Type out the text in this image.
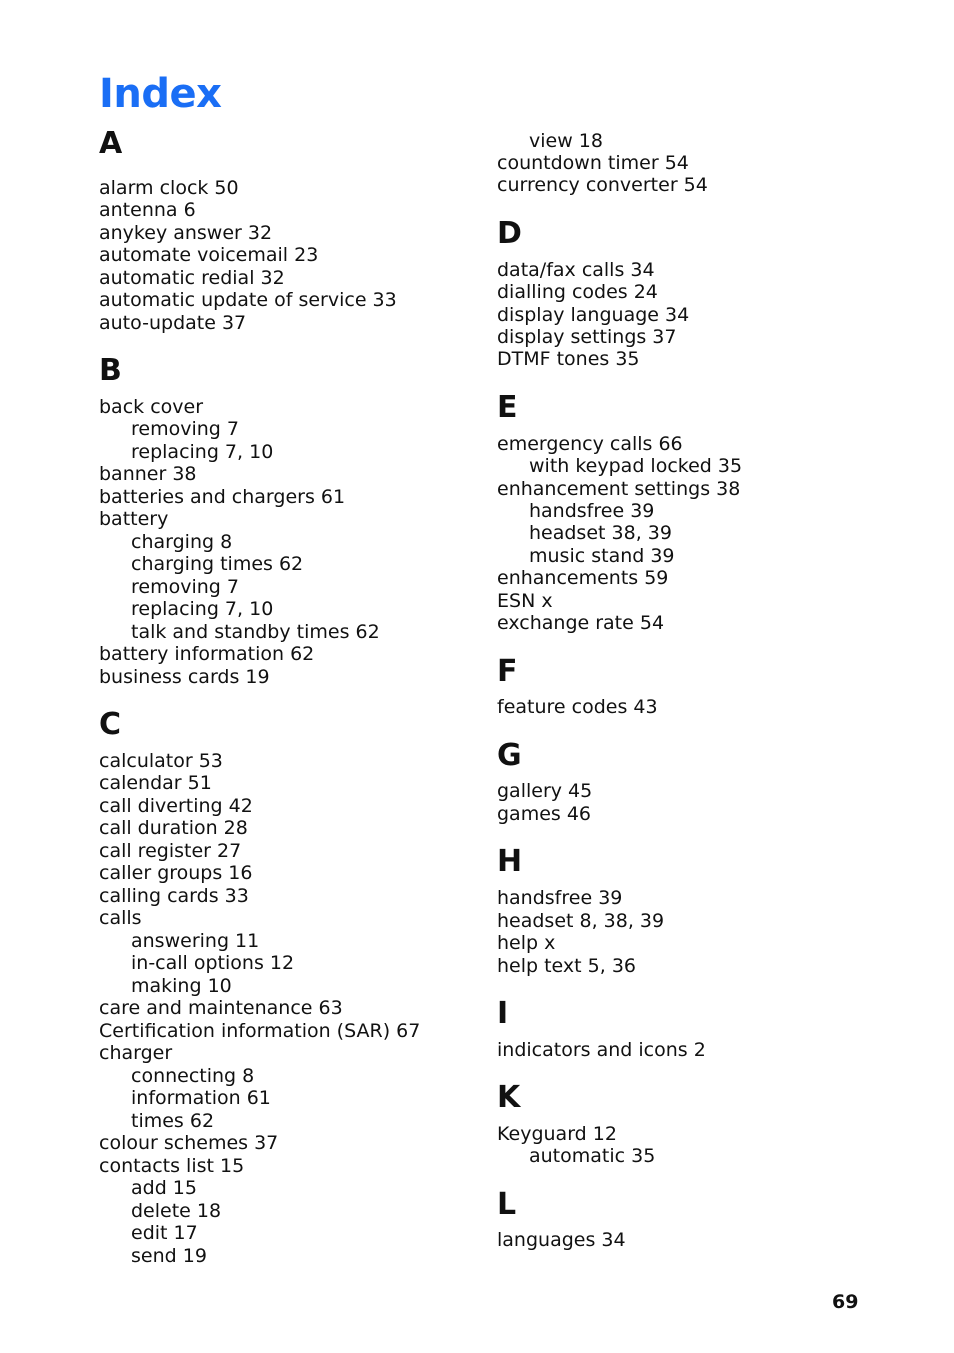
Index
A
alarm clock 50
antenna 6
anykey answer 32
automate voicemail 23
automatic redial 32
automatic update of service 33
auto-update 37
B
back cover
removing 7
replacing 7, 10
banner 38
batteries and chargers 61
battery
charging 8
charging times 62
removing 7
replacing 7, 10
talk and standby times 62
battery information 62
business cards 19
C
calculator 53
calendar 51
call diverting 42
call duration 28
call register 27
caller groups 16
calling cards 33
calls
answering 11
in-call options 12
making 10
care and maintenance 63
Certification information (SAR) 67
charger
connecting 8
information 61
times 62
colour schemes 37
contacts list 15
add 15
delete 18
edit 17
send 19
view 18
countdown timer 54
currency converter 54
D
data/fax calls 34
dialling codes 24
display language 34
display settings 37
DTMF tones 35
E
emergency calls 66
with keypad locked 35
enhancement settings 38
handsfree 39
headset 38, 39
music stand 39
enhancements 59
ESN x
exchange rate 54
F
feature codes 43
G
gallery 45
games 46
H
handsfree 39
headset 8, 38, 39
help x
help text 5, 36
I
indicators and icons 2
K
Keyguard 12
automatic 35
L
languages 34
69
